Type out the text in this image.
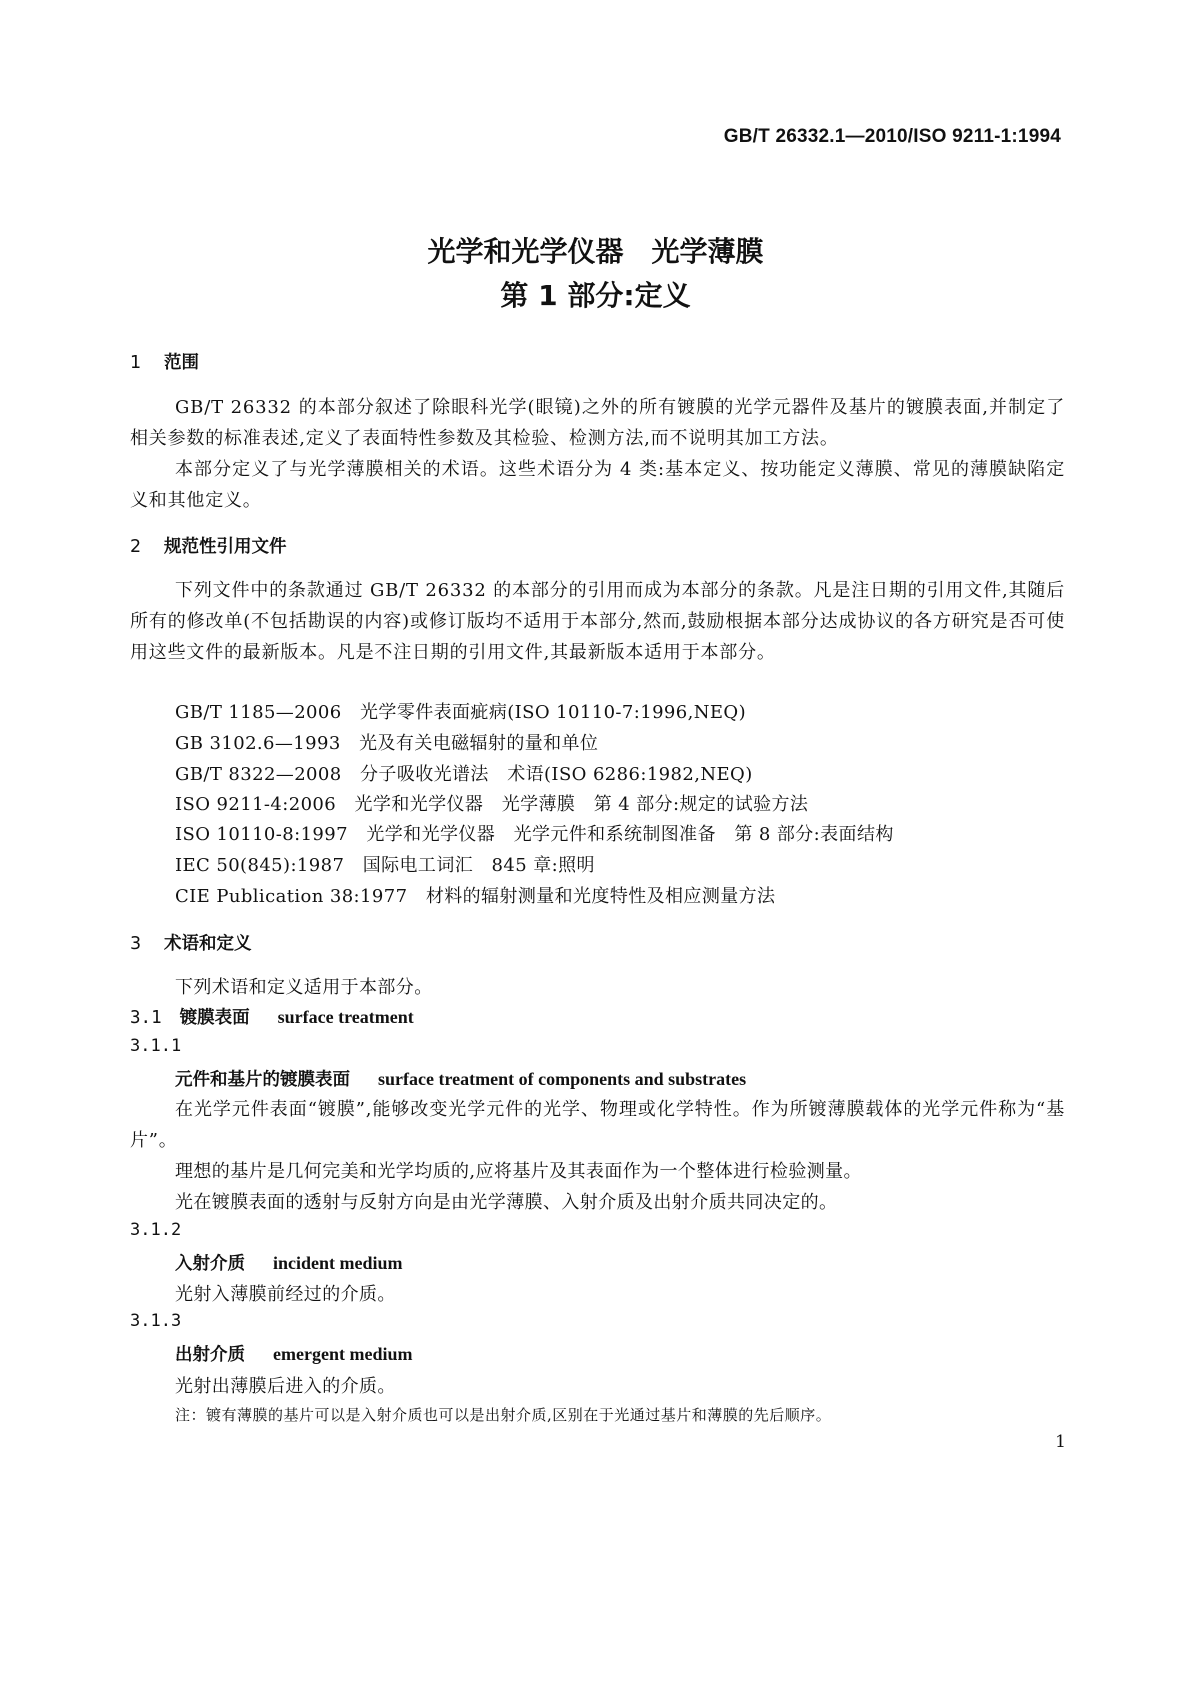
GB/T 26332.1—2010/ISO 9211-1:1994
光学和光学仪器　光学薄膜
第 1 部分:定义
1 范围
GB/T 26332 的本部分叙述了除眼科光学(眼镜)之外的所有镀膜的光学元器件及基片的镀膜表面,并制定了相关参数的标准表述,定义了表面特性参数及其检验、检测方法,而不说明其加工方法。
本部分定义了与光学薄膜相关的术语。这些术语分为 4 类:基本定义、按功能定义薄膜、常见的薄膜缺陷定义和其他定义。
2 规范性引用文件
下列文件中的条款通过 GB/T 26332 的本部分的引用而成为本部分的条款。凡是注日期的引用文件,其随后所有的修改单(不包括勘误的内容)或修订版均不适用于本部分,然而,鼓励根据本部分达成协议的各方研究是否可使用这些文件的最新版本。凡是不注日期的引用文件,其最新版本适用于本部分。
GB/T 1185—2006　光学零件表面疵病(ISO 10110-7:1996,NEQ)
GB 3102.6—1993　光及有关电磁辐射的量和单位
GB/T 8322—2008　分子吸收光谱法　术语(ISO 6286:1982,NEQ)
ISO 9211-4:2006　光学和光学仪器　光学薄膜　第 4 部分:规定的试验方法
ISO 10110-8:1997　光学和光学仪器　光学元件和系统制图准备　第 8 部分:表面结构
IEC 50(845):1987　国际电工词汇　845 章:照明
CIE Publication 38:1977　材料的辐射测量和光度特性及相应测量方法
3 术语和定义
下列术语和定义适用于本部分。
3.1 镀膜表面 surface treatment
3.1.1
元件和基片的镀膜表面 surface treatment of components and substrates
在光学元件表面“镀膜”,能够改变光学元件的光学、物理或化学特性。作为所镀薄膜载体的光学元件称为“基片”。
理想的基片是几何完美和光学均质的,应将基片及其表面作为一个整体进行检验测量。
光在镀膜表面的透射与反射方向是由光学薄膜、入射介质及出射介质共同决定的。
3.1.2
入射介质 incident medium
光射入薄膜前经过的介质。
3.1.3
出射介质 emergent medium
光射出薄膜后进入的介质。
注：镀有薄膜的基片可以是入射介质也可以是出射介质,区别在于光通过基片和薄膜的先后顺序。
1
